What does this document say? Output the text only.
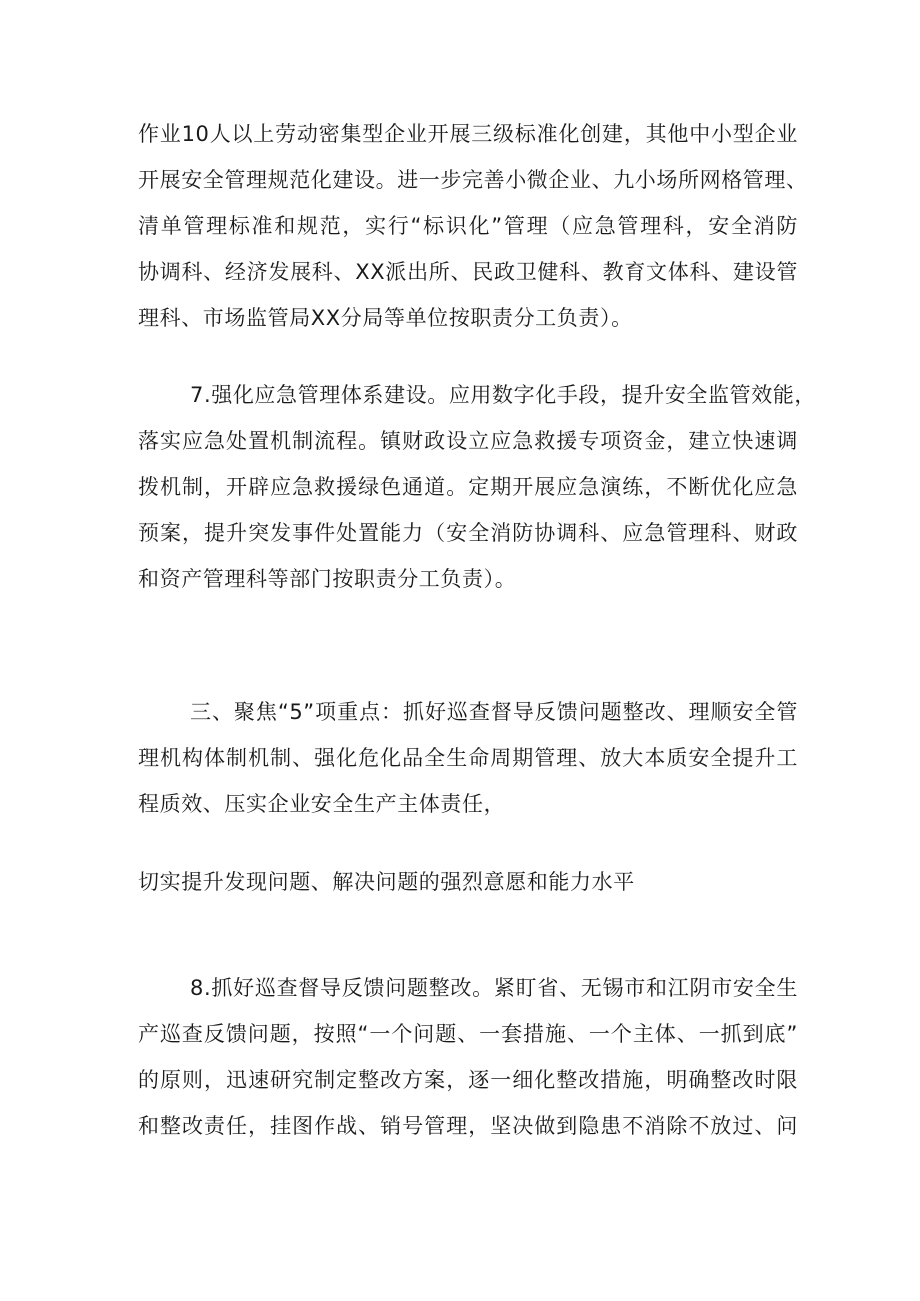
作业10人以上劳动密集型企业开展三级标准化创建，其他中小型企业
开展安全管理规范化建设。进一步完善小微企业、九小场所网格管理、
清单管理标准和规范，实行“标识化”管理（应急管理科，安全消防
协调科、经济发展科、XX派出所、民政卫健科、教育文体科、建设管
理科、市场监管局XX分局等单位按职责分工负责）。
7.强化应急管理体系建设。应用数字化手段，提升安全监管效能，
落实应急处置机制流程。镇财政设立应急救援专项资金，建立快速调
拨机制，开辟应急救援绿色通道。定期开展应急演练，不断优化应急
预案，提升突发事件处置能力（安全消防协调科、应急管理科、财政
和资产管理科等部门按职责分工负责）。
三、聚焦“5”项重点：抓好巡查督导反馈问题整改、理顺安全管
理机构体制机制、强化危化品全生命周期管理、放大本质安全提升工
程质效、压实企业安全生产主体责任，
切实提升发现问题、解决问题的强烈意愿和能力水平
8.抓好巡查督导反馈问题整改。紧盯省、无锡市和江阴市安全生
产巡查反馈问题，按照“一个问题、一套措施、一个主体、一抓到底”
的原则，迅速研究制定整改方案，逐一细化整改措施，明确整改时限
和整改责任，挂图作战、销号管理，坚决做到隐患不消除不放过、问
